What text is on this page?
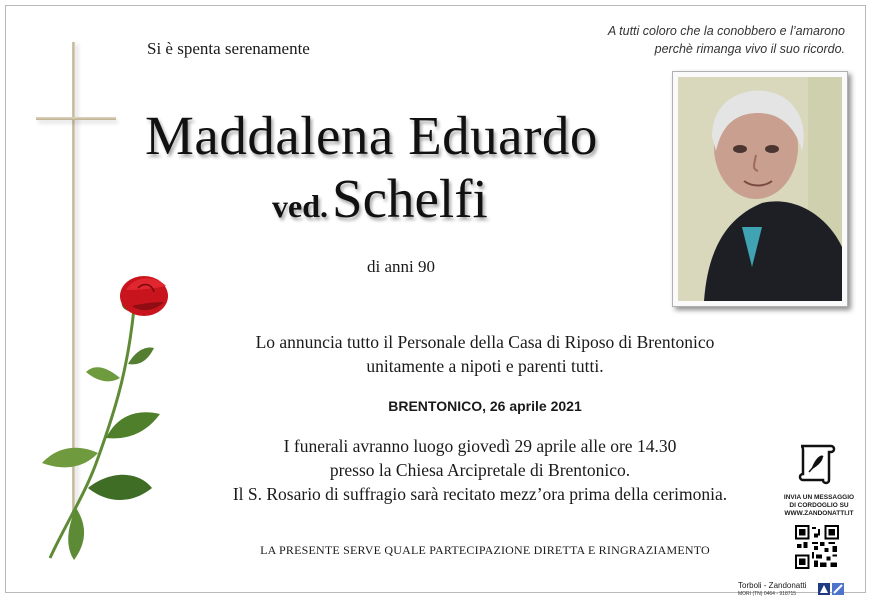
Si è spenta serenamente
A tutti coloro che la conobbero e l’amarono
perchè rimanga vivo il suo ricordo.
Maddalena Eduardo
ved. Schelfi
di anni 90
Lo annuncia tutto il Personale della Casa di Riposo di Brentonico
unitamente a nipoti e parenti tutti.
BRENTONICO, 26 aprile 2021
I funerali avranno luogo giovedì 29 aprile alle ore 14.30
presso la Chiesa Arcipretale di Brentonico.
Il S. Rosario di suffragio sarà recitato mezz’ora prima della cerimonia.
LA PRESENTE SERVE QUALE PARTECIPAZIONE DIRETTA E RINGRAZIAMENTO
INVIA UN MESSAGGIO
DI CORDOGLIO SU
WWW.ZANDONATTI.IT
Torboli - Zandonatti
MORI (TN) 0464 - 918715
